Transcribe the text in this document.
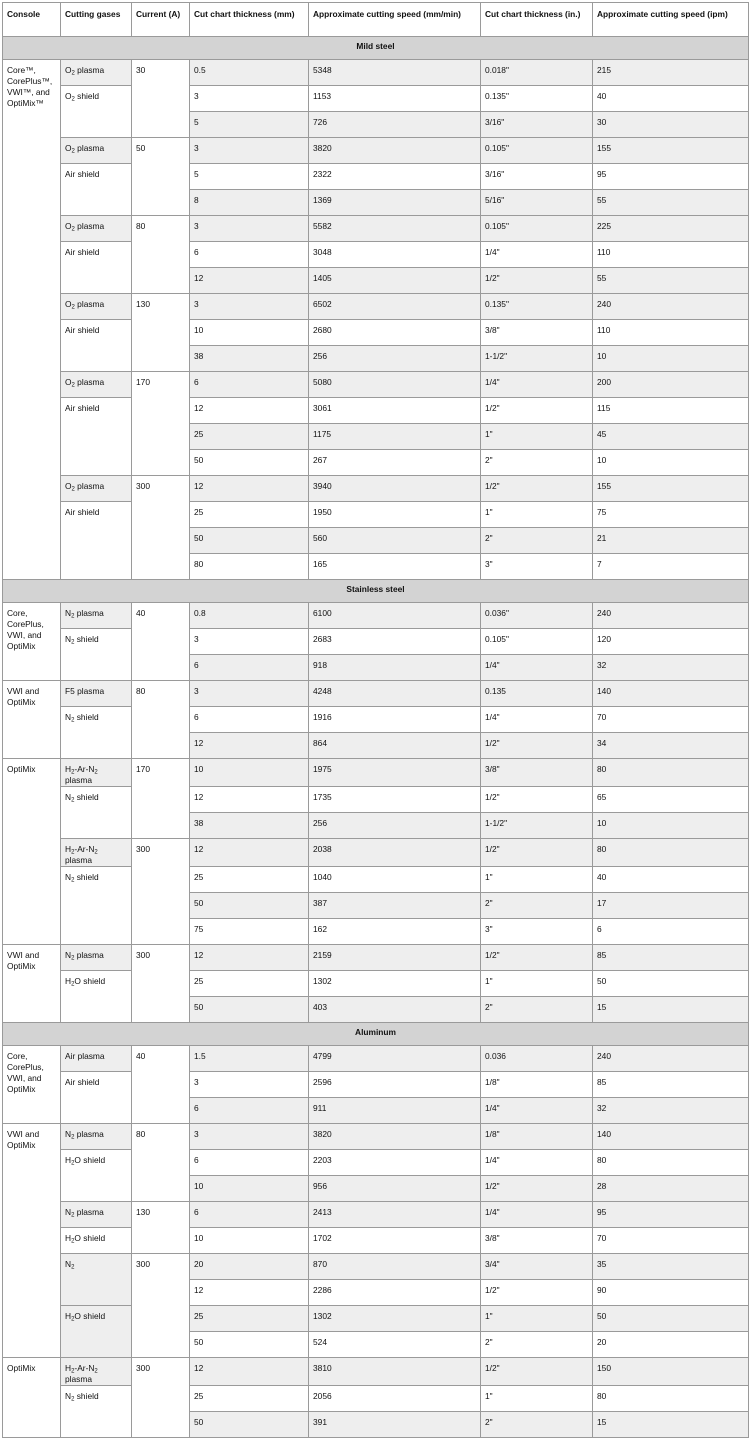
Console	Cutting gases	Current (A)	Cut chart thickness (mm)	Approximate cutting speed (mm/min)	Cut chart thickness (in.)	Approximate cutting speed (ipm)
Mild steel						
Core™, CorePlus™, VWI™, and OptiMix™	$O_2$ plasma	30	0.5	5348	0.018"	215
	$O_2$ shield		3	1153	0.135"	40
			5	726	3/16"	30
	$O_2$ plasma	50	3	3820	0.105"	155
	Air shield		5	2322	3/16"	95
			8	1369	5/16"	55
	$O_2$ plasma	80	3	5582	0.105"	225
	Air shield		6	3048	1/4"	110
			12	1405	1/2"	55
	$O_2$ plasma	130	3	6502	0.135"	240
	Air shield		10	2680	3/8"	110
			38	256	1-1/2"	10
	$O_2$ plasma	170	6	5080	1/4"	200
	Air shield		12	3061	1/2"	115
			25	1175	1"	45
			50	267	2"	10
	$O_2$ plasma	300	12	3940	1/2"	155
	Air shield		25	1950	1"	75
			50	560	2"	21
			80	165	3"	7
Stainless steel						
Core, CorePlus, VWI, and OptiMix	$N_2$ plasma	40	0.8	6100	0.036"	240
	$N_2$ shield		3	2683	0.105"	120
			6	918	1/4"	32
VWI and OptiMix	F5 plasma	80	3	4248	0.135	140
	$N_2$ shield		6	1916	1/4"	70
			12	864	1/2"	34
OptiMix	$H_2-Ar-N_2$ plasma	170	10	1975	3/8"	80
	$N_2$ shield		12	1735	1/2"	65
			38	256	1-1/2"	10
	$H_2-Ar-N_2$ plasma	300	12	2038	1/2"	80
	$N_2$ shield		25	1040	1"	40
			50	387	2"	17
			75	162	3"	6
VWI and OptiMix	$N_2$ plasma	300	12	2159	1/2"	85
	$H_2O$ shield		25	1302	1"	50
			50	403	2"	15
Aluminum						
Core, CorePlus, VWI, and OptiMix	Air plasma	40	1.5	4799	0.036	240
	Air shield		3	2596	1/8"	85
			6	911	1/4"	32
VWI and OptiMix	$N_2$ plasma	80	3	3820	1/8"	140
	$H_2O$ shield		6	2203	1/4"	80
			10	956	1/2"	28
	$N_2$ plasma	130	6	2413	1/4"	95
	$H_2O$ shield		10	1702	3/8"	70
	$N_2$	300	20	870	3/4"	35
			12	2286	1/2"	90
	$H_2O$ shield		25	1302	1"	50
			50	524	2"	20
OptiMix	$H_2-Ar-N_2$ plasma	300	12	3810	1/2"	150
	$N_2$ shield		25	2056	1"	80
			50	391	2"	15
